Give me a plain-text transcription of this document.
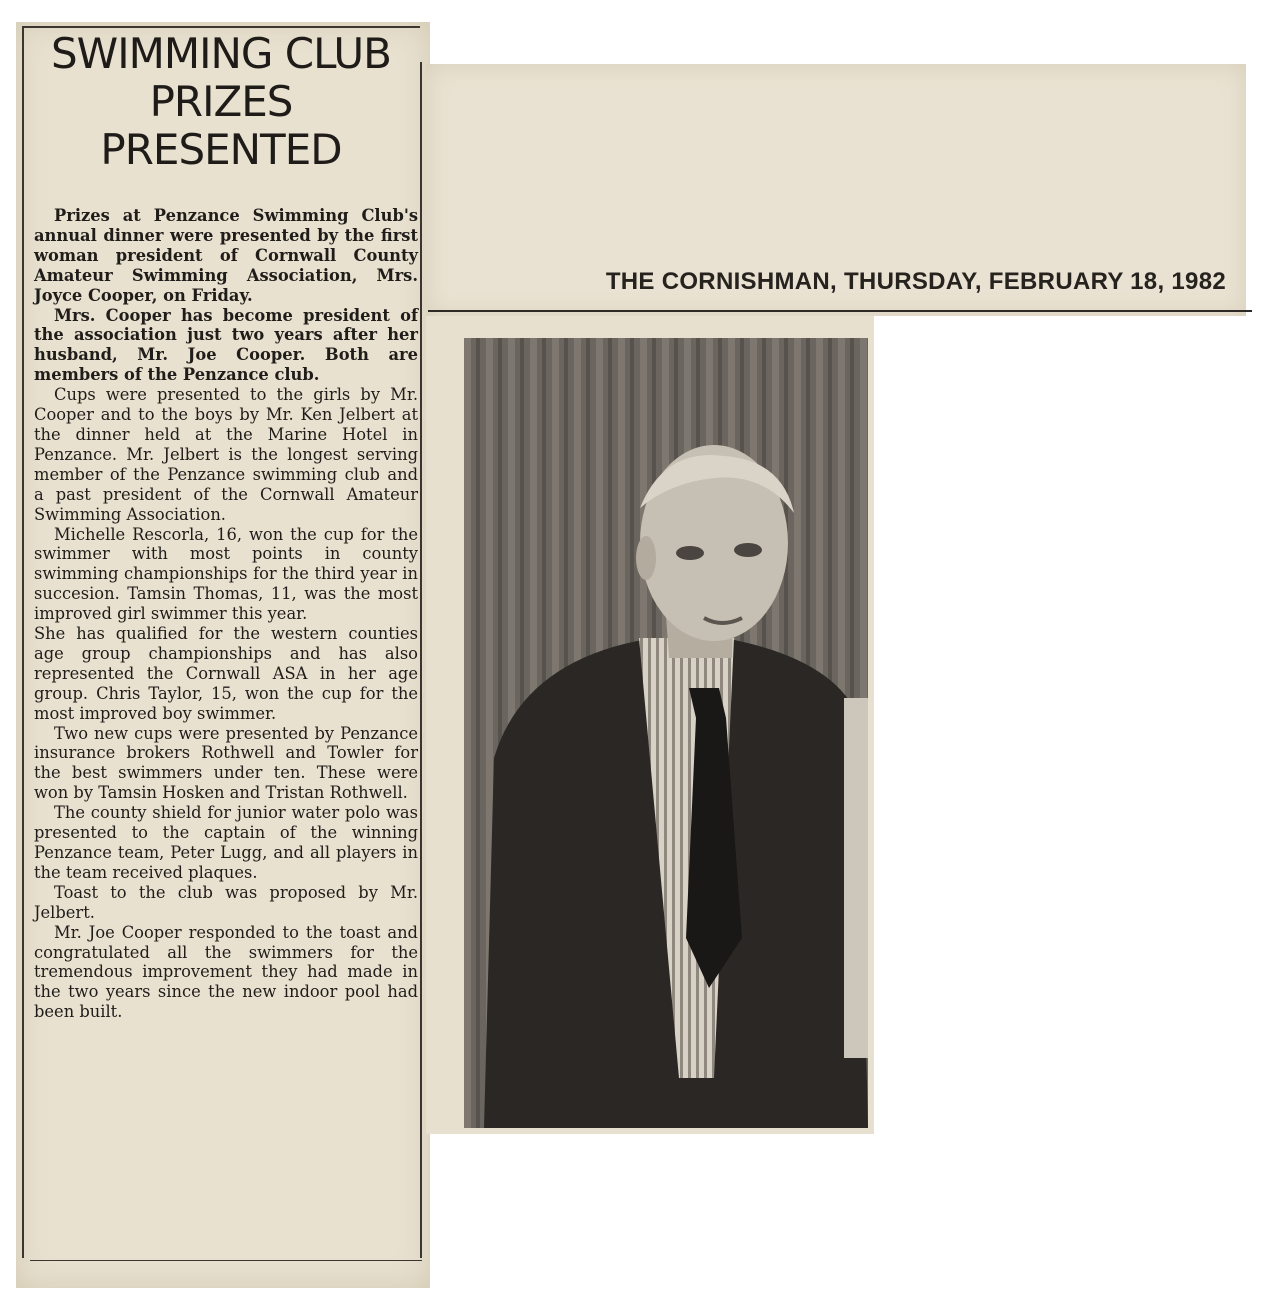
SWIMMING CLUB
PRIZES
PRESENTED

Prizes at Penzance Swimming Club's annual dinner were presented by the first woman president of Cornwall County Amateur Swimming Association, Mrs. Joyce Cooper, on Friday.

Mrs. Cooper has become president of the association just two years after her husband, Mr. Joe Cooper. Both are members of the Penzance club.

Cups were presented to the girls by Mr. Cooper and to the boys by Mr. Ken Jelbert at the dinner held at the Marine Hotel in Penzance. Mr. Jelbert is the longest serving member of the Penzance swimming club and a past president of the Cornwall Amateur Swimming Association.

Michelle Rescorla, 16, won the cup for the swimmer with most points in county swimming championships for the third year in succesion. Tamsin Thomas, 11, was the most improved girl swimmer this year.

She has qualified for the western counties age group championships and has also represented the Cornwall ASA in her age group. Chris Taylor, 15, won the cup for the most improved boy swimmer.

Two new cups were presented by Penzance insurance brokers Rothwell and Towler for the best swimmers under ten. These were won by Tamsin Hosken and Tristan Rothwell.

The county shield for junior water polo was presented to the captain of the winning Penzance team, Peter Lugg, and all players in the team received plaques.

Toast to the club was proposed by Mr. Jelbert.

Mr. Joe Cooper responded to the toast and congratulated all the swimmers for the tremendous improvement they had made in the two years since the new indoor pool had been built.

THE CORNISHMAN, THURSDAY, FEBRUARY 18, 1982
